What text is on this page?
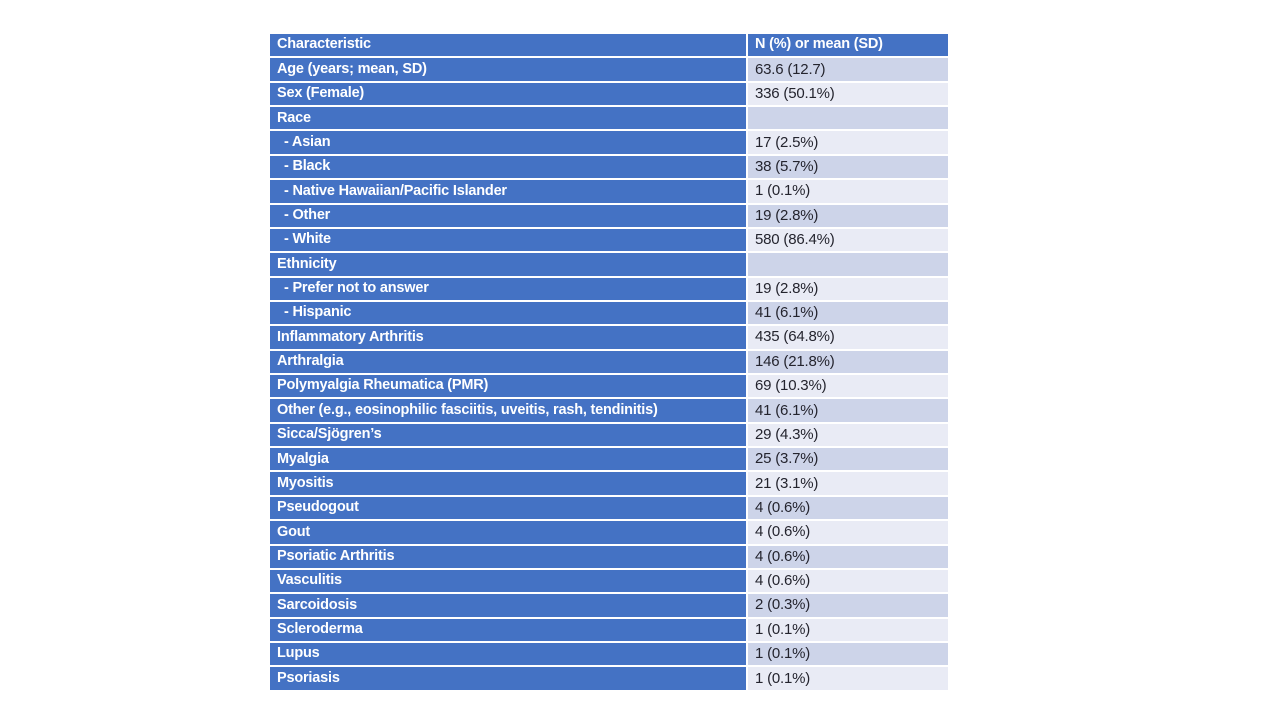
Characteristic	N (%) or mean (SD)
Age (years; mean, SD)	63.6 (12.7)
Sex (Female)	336 (50.1%)
Race	
- Asian	17 (2.5%)
- Black	38 (5.7%)
- Native Hawaiian/Pacific Islander	1 (0.1%)
- Other	19 (2.8%)
- White	580 (86.4%)
Ethnicity	
- Prefer not to answer	19 (2.8%)
- Hispanic	41 (6.1%)
Inflammatory Arthritis	435 (64.8%)
Arthralgia	146 (21.8%)
Polymyalgia Rheumatica (PMR)	69 (10.3%)
Other (e.g., eosinophilic fasciitis, uveitis, rash, tendinitis)	41 (6.1%)
Sicca/Sjögren’s	29 (4.3%)
Myalgia	25 (3.7%)
Myositis	21 (3.1%)
Pseudogout	4 (0.6%)
Gout	4 (0.6%)
Psoriatic Arthritis	4 (0.6%)
Vasculitis	4 (0.6%)
Sarcoidosis	2 (0.3%)
Scleroderma	1 (0.1%)
Lupus	1 (0.1%)
Psoriasis	1 (0.1%)
